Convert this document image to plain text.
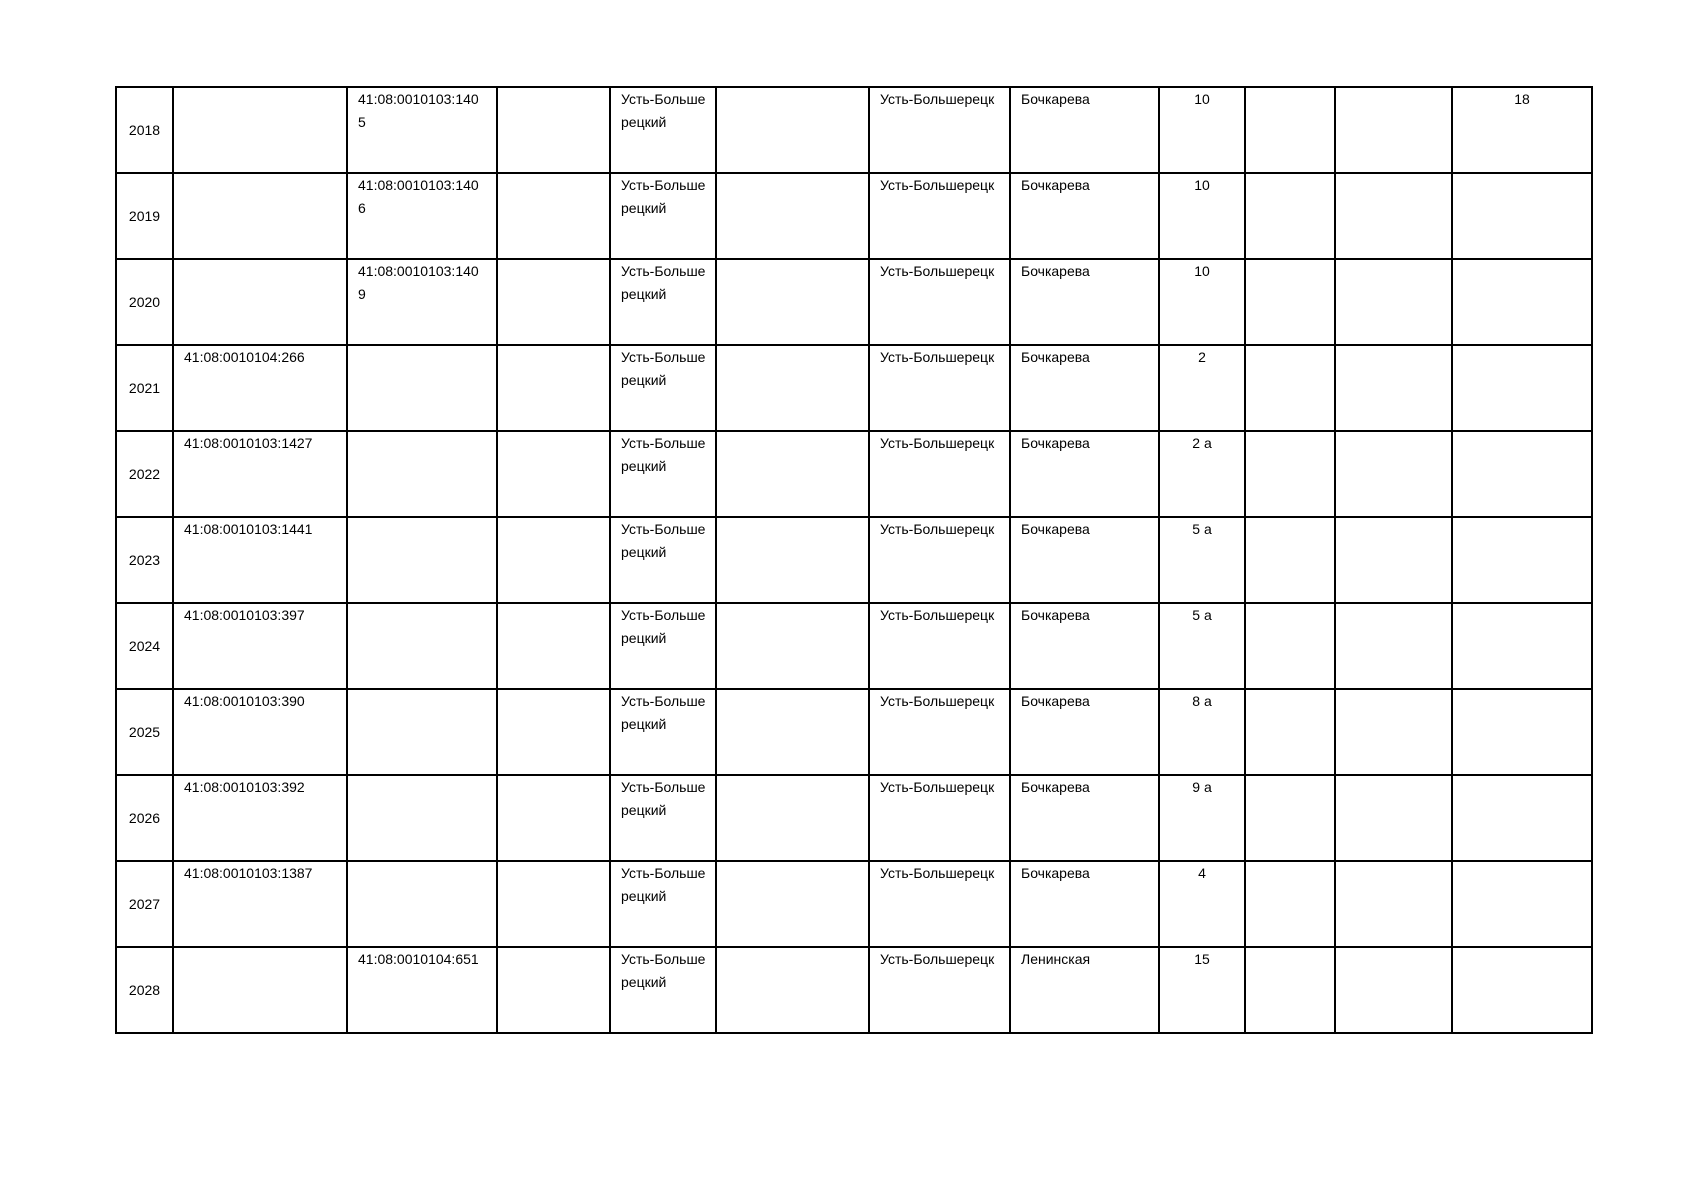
2018		41:08:0010103:1405		Усть-Большерецкий		Усть-Большерецк	Бочкарева	10			18
2019		41:08:0010103:1406		Усть-Большерецкий		Усть-Большерецк	Бочкарева	10			
2020		41:08:0010103:1409		Усть-Большерецкий		Усть-Большерецк	Бочкарева	10			
2021	41:08:0010104:266			Усть-Большерецкий		Усть-Большерецк	Бочкарева	2			
2022	41:08:0010103:1427			Усть-Большерецкий		Усть-Большерецк	Бочкарева	2 а			
2023	41:08:0010103:1441			Усть-Большерецкий		Усть-Большерецк	Бочкарева	5 а			
2024	41:08:0010103:397			Усть-Большерецкий		Усть-Большерецк	Бочкарева	5 а			
2025	41:08:0010103:390			Усть-Большерецкий		Усть-Большерецк	Бочкарева	8 а			
2026	41:08:0010103:392			Усть-Большерецкий		Усть-Большерецк	Бочкарева	9 а			
2027	41:08:0010103:1387			Усть-Большерецкий		Усть-Большерецк	Бочкарева	4			
2028		41:08:0010104:651		Усть-Большерецкий		Усть-Большерецк	Ленинская	15			
